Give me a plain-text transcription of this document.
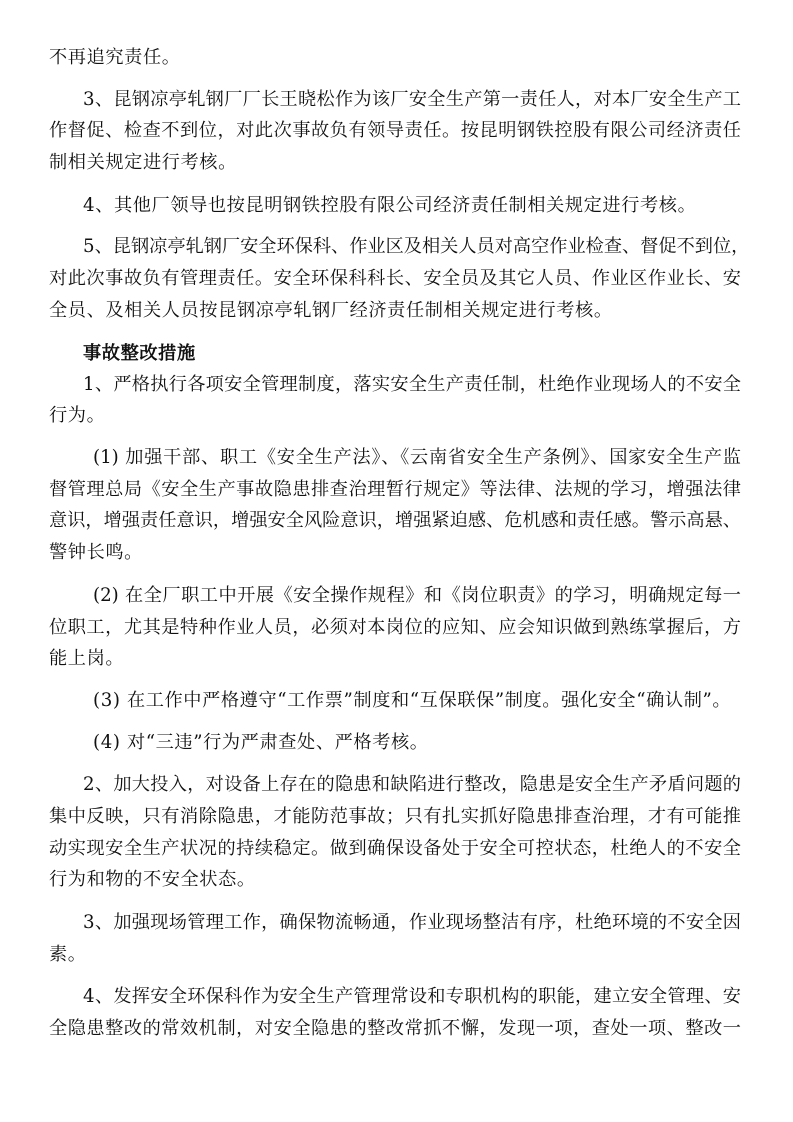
不再追究责任。
3、昆钢凉亭轧钢厂厂长王晓松作为该厂安全生产第一责任人，对本厂安全生产工
作督促、检查不到位，对此次事故负有领导责任。按昆明钢铁控股有限公司经济责任
制相关规定进行考核。
4、其他厂领导也按昆明钢铁控股有限公司经济责任制相关规定进行考核。
5、昆钢凉亭轧钢厂安全环保科、作业区及相关人员对高空作业检查、督促不到位，
对此次事故负有管理责任。安全环保科科长、安全员及其它人员、作业区作业长、安
全员、及相关人员按昆钢凉亭轧钢厂经济责任制相关规定进行考核。
事故整改措施
1、严格执行各项安全管理制度，落实安全生产责任制，杜绝作业现场人的不安全
行为。
(1) 加强干部、职工《安全生产法》、《云南省安全生产条例》、国家安全生产监
督管理总局《安全生产事故隐患排查治理暂行规定》等法律、法规的学习，增强法律
意识，增强责任意识，增强安全风险意识，增强紧迫感、危机感和责任感。警示高悬、
警钟长鸣。
(2) 在全厂职工中开展《安全操作规程》和《岗位职责》的学习，明确规定每一
位职工，尤其是特种作业人员，必须对本岗位的应知、应会知识做到熟练掌握后，方
能上岗。
(3) 在工作中严格遵守“工作票”制度和“互保联保”制度。强化安全“确认制”。
(4) 对“三违”行为严肃查处、严格考核。
2、加大投入，对设备上存在的隐患和缺陷进行整改，隐患是安全生产矛盾问题的
集中反映，只有消除隐患，才能防范事故；只有扎实抓好隐患排查治理，才有可能推
动实现安全生产状况的持续稳定。做到确保设备处于安全可控状态，杜绝人的不安全
行为和物的不安全状态。
3、加强现场管理工作，确保物流畅通，作业现场整洁有序，杜绝环境的不安全因
素。
4、发挥安全环保科作为安全生产管理常设和专职机构的职能，建立安全管理、安
全隐患整改的常效机制，对安全隐患的整改常抓不懈，发现一项，查处一项、整改一
